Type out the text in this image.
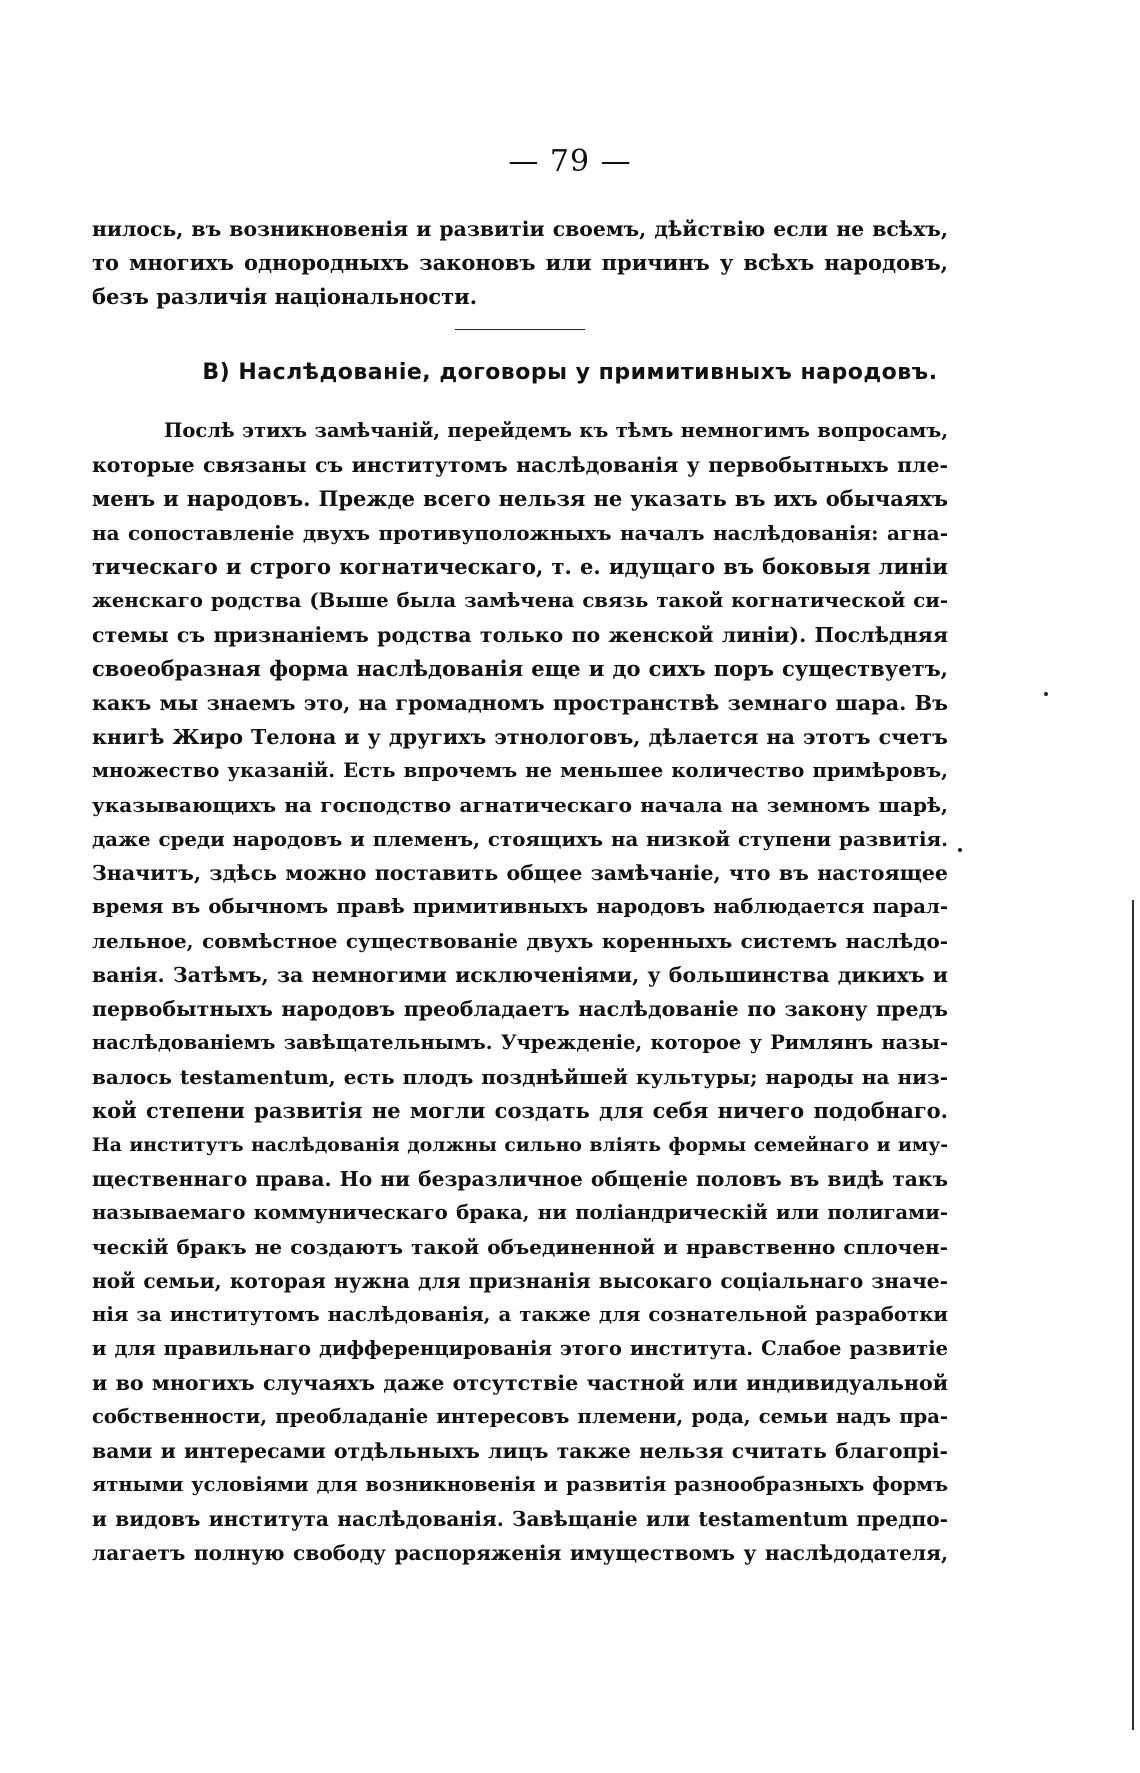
— 79 —
нилось, въ возникновенія и развитіи своемъ, дѣйствію если не всѣхъ,
то многихъ однородныхъ законовъ или причинъ у всѣхъ народовъ,
безъ различія національности.
В) Наслѣдованіе, договоры у примитивныхъ народовъ.
Послѣ этихъ замѣчаній, перейдемъ къ тѣмъ немногимъ вопросамъ,
которые связаны съ институтомъ наслѣдованія у первобытныхъ пле-
менъ и народовъ. Прежде всего нельзя не указать въ ихъ обычаяхъ
на сопоставленіе двухъ противуположныхъ началъ наслѣдованія: агна-
тическаго и строго когнатическаго, т. е. идущаго въ боковыя линіи
женскаго родства (Выше была замѣчена связь такой когнатической си-
стемы съ признаніемъ родства только по женской линіи). Послѣдняя
своеобразная форма наслѣдованія еще и до сихъ поръ существуетъ,
какъ мы знаемъ это, на громадномъ пространствѣ земнаго шара. Въ
книгѣ Жиро Телона и у другихъ этнологовъ, дѣлается на этотъ счетъ
множество указаній. Есть впрочемъ не меньшее количество примѣровъ,
указывающихъ на господство агнатическаго начала на земномъ шарѣ,
даже среди народовъ и племенъ, стоящихъ на низкой ступени развитія.
Значитъ, здѣсь можно поставить общее замѣчаніе, что въ настоящее
время въ обычномъ правѣ примитивныхъ народовъ наблюдается парал-
лельное, совмѣстное существованіе двухъ коренныхъ системъ наслѣдо-
ванія. Затѣмъ, за немногими исключеніями, у большинства дикихъ и
первобытныхъ народовъ преобладаетъ наслѣдованіе по закону предъ
наслѣдованіемъ завѣщательнымъ. Учрежденіе, которое у Римлянъ назы-
валось testamentum, есть плодъ позднѣйшей культуры; народы на низ-
кой степени развитія не могли создать для себя ничего подобнаго.
На институтъ наслѣдованія должны сильно вліять формы семейнаго и иму-
щественнаго права. Но ни безразличное общеніе половъ въ видѣ такъ
называемаго коммуническаго брака, ни поліандрическій или полигами-
ческій бракъ не создаютъ такой объединенной и нравственно сплочен-
ной семьи, которая нужна для признанія высокаго соціальнаго значе-
нія за институтомъ наслѣдованія, а также для сознательной разработки
и для правильнаго дифференцированія этого института. Слабое развитіе
и во многихъ случаяхъ даже отсутствіе частной или индивидуальной
собственности, преобладаніе интересовъ племени, рода, семьи надъ пра-
вами и интересами отдѣльныхъ лицъ также нельзя считать благопрі-
ятными условіями для возникновенія и развитія разнообразныхъ формъ
и видовъ института наслѣдованія. Завѣщаніе или testamentum предпо-
лагаетъ полную свободу распоряженія имуществомъ у наслѣдодателя,
